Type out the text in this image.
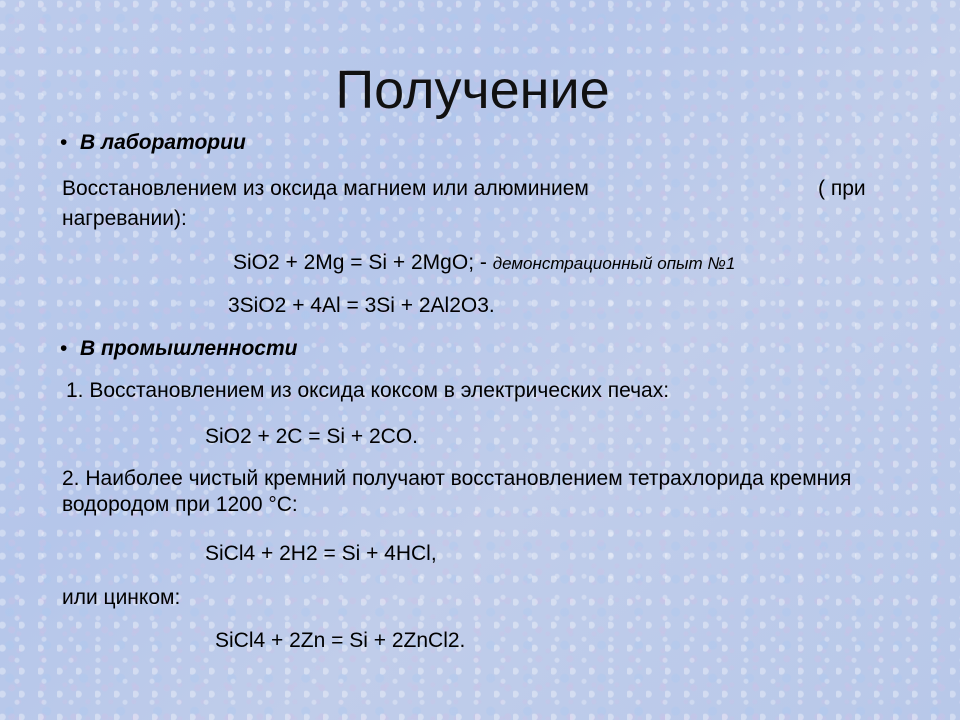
Получение
• В лаборатории
Восстановлением из оксида магнием или алюминием	( при
нагревании):
SiO2 + 2Mg = Si + 2MgO; - демонстрационный опыт №1
3SiO2 + 4Al = 3Si + 2Al2O3.
• В промышленности
1. Восстановлением из оксида коксом в электрических печах:
SiO2 + 2C = Si + 2CO.
2. Наиболее чистый кремний получают восстановлением тетрахлорида кремния водородом при 1200 °C:
SiCl4 + 2H2 = Si + 4HCl,
или цинком:
SiCl4 + 2Zn = Si + 2ZnCl2.
